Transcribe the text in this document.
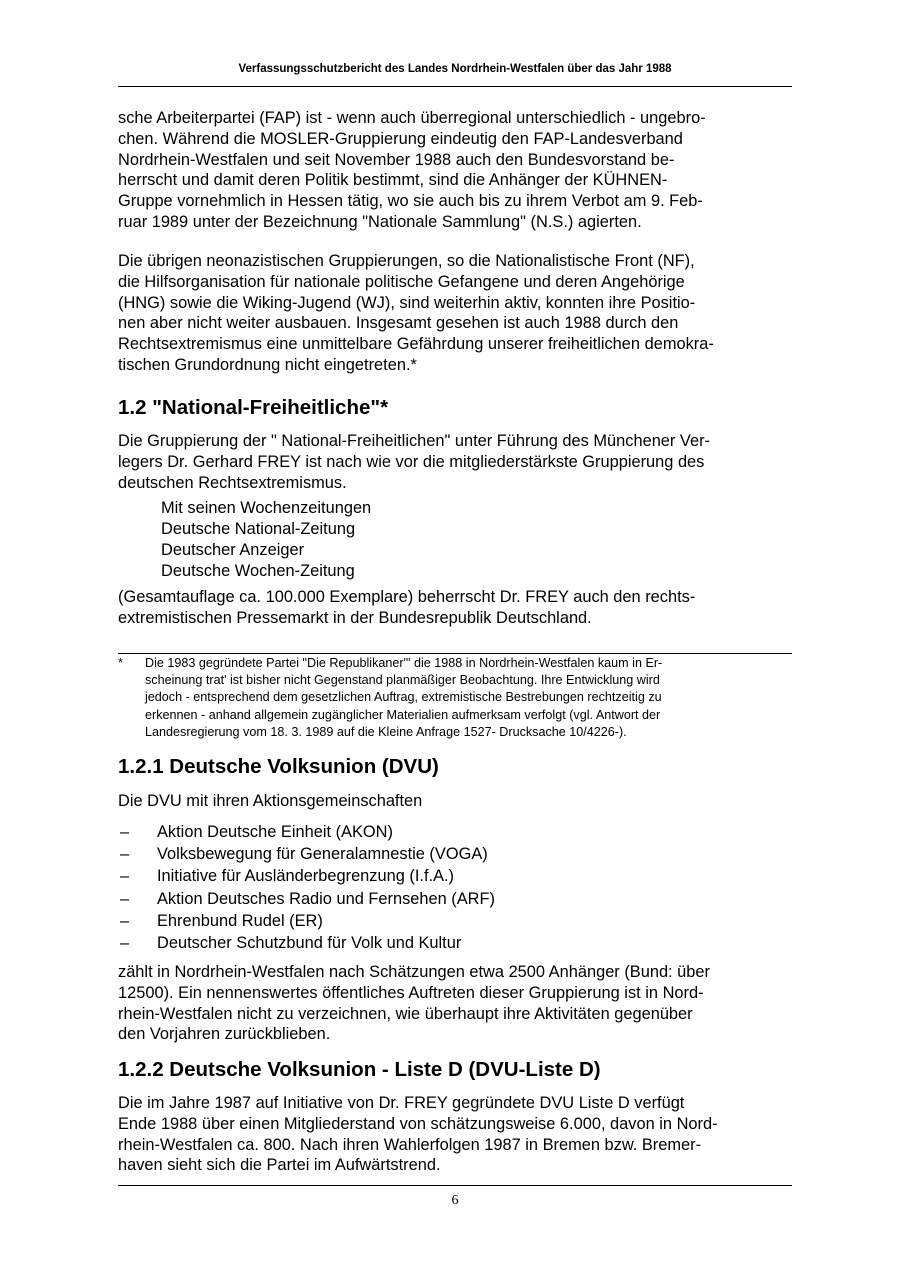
Verfassungsschutzbericht des Landes Nordrhein-Westfalen über das Jahr 1988

sche Arbeiterpartei (FAP) ist - wenn auch überregional unterschiedlich - ungebro-

chen. Während die MOSLER-Gruppierung eindeutig den FAP-Landesverband

Nordrhein-Westfalen und seit November 1988 auch den Bundesvorstand be-

herrscht und damit deren Politik bestimmt, sind die Anhänger der KÜHNEN-

Gruppe vornehmlich in Hessen tätig, wo sie auch bis zu ihrem Verbot am 9. Feb-

ruar 1989 unter der Bezeichnung "Nationale Sammlung" (N.S.) agierten.

Die übrigen neonazistischen Gruppierungen, so die Nationalistische Front (NF),

die Hilfsorganisation für nationale politische Gefangene und deren Angehörige

(HNG) sowie die Wiking-Jugend (WJ), sind weiterhin aktiv, konnten ihre Positio-

nen aber nicht weiter ausbauen. Insgesamt gesehen ist auch 1988 durch den

Rechtsextremismus eine unmittelbare Gefährdung unserer freiheitlichen demokra-

tischen Grundordnung nicht eingetreten.*

1.2 "National-Freiheitliche"*

Die Gruppierung der " National-Freiheitlichen" unter Führung des Münchener Ver-

legers Dr. Gerhard FREY ist nach wie vor die mitgliederstärkste Gruppierung des

deutschen Rechtsextremismus.

Mit seinen Wochenzeitungen
Deutsche National-Zeitung
Deutscher Anzeiger
Deutsche Wochen-Zeitung

(Gesamtauflage ca. 100.000 Exemplare) beherrscht Dr. FREY auch den rechts-

extremistischen Pressemarkt in der Bundesrepublik Deutschland.

* Die 1983 gegründete Partei "Die Republikaner"' die 1988 in Nordrhein-Westfalen kaum in Er-

scheinung trat' ist bisher nicht Gegenstand planmäßiger Beobachtung. Ihre Entwicklung wird

jedoch - entsprechend dem gesetzlichen Auftrag, extremistische Bestrebungen rechtzeitig zu

erkennen - anhand allgemein zugänglicher Materialien aufmerksam verfolgt (vgl. Antwort der

Landesregierung vom 18. 3. 1989 auf die Kleine Anfrage 1527- Drucksache 10/4226-).

1.2.1 Deutsche Volksunion (DVU)

Die DVU mit ihren Aktionsgemeinschaften

– Aktion Deutsche Einheit (AKON)
– Volksbewegung für Generalamnestie (VOGA)
– Initiative für Ausländerbegrenzung (I.f.A.)
– Aktion Deutsches Radio und Fernsehen (ARF)
– Ehrenbund Rudel (ER)
– Deutscher Schutzbund für Volk und Kultur

zählt in Nordrhein-Westfalen nach Schätzungen etwa 2500 Anhänger (Bund: über

12500). Ein nennenswertes öffentliches Auftreten dieser Gruppierung ist in Nord-

rhein-Westfalen nicht zu verzeichnen, wie überhaupt ihre Aktivitäten gegenüber

den Vorjahren zurückblieben.

1.2.2 Deutsche Volksunion - Liste D (DVU-Liste D)

Die im Jahre 1987 auf Initiative von Dr. FREY gegründete DVU Liste D verfügt

Ende 1988 über einen Mitgliederstand von schätzungsweise 6.000, davon in Nord-

rhein-Westfalen ca. 800. Nach ihren Wahlerfolgen 1987 in Bremen bzw. Bremer-

haven sieht sich die Partei im Aufwärtstrend.

6
